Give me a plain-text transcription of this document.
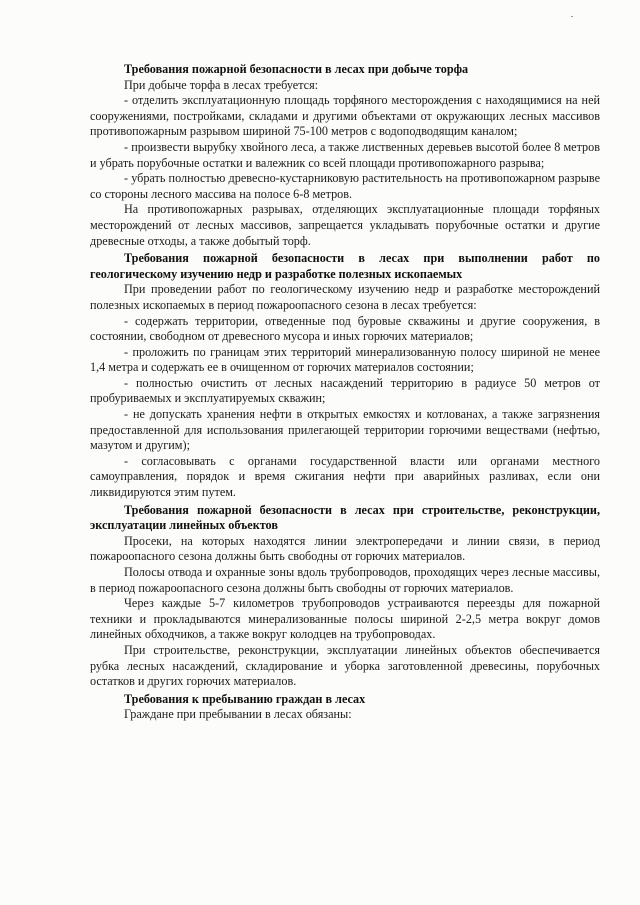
Требования пожарной безопасности в лесах при добыче торфа

При добыче торфа в лесах требуется:

- отделить эксплуатационную площадь торфяного месторождения с находящимися на ней сооружениями, постройками, складами и другими объектами от окружающих лесных массивов противопожарным разрывом шириной 75-100 метров с водоподводящим каналом;

- произвести вырубку хвойного леса, а также лиственных деревьев высотой более 8 метров и убрать порубочные остатки и валежник со всей площади противопожарного разрыва;

- убрать полностью древесно-кустарниковую растительность на противопожарном разрыве со стороны лесного массива на полосе 6-8 метров.

На противопожарных разрывах, отделяющих эксплуатационные площади торфяных месторождений от лесных массивов, запрещается укладывать порубочные остатки и другие древесные отходы, а также добытый торф.

Требования пожарной безопасности в лесах при выполнении работ по геологическому изучению недр и разработке полезных ископаемых

При проведении работ по геологическому изучению недр и разработке месторождений полезных ископаемых в период пожароопасного сезона в лесах требуется:

- содержать территории, отведенные под буровые скважины и другие сооружения, в состоянии, свободном от древесного мусора и иных горючих материалов;

- проложить по границам этих территорий минерализованную полосу шириной не менее 1,4 метра и содержать ее в очищенном от горючих материалов состоянии;

- полностью очистить от лесных насаждений территорию в радиусе 50 метров от пробуриваемых и эксплуатируемых скважин;

- не допускать хранения нефти в открытых емкостях и котлованах, а также загрязнения предоставленной для использования прилегающей территории горючими веществами (нефтью, мазутом и другим);

- согласовывать с органами государственной власти или органами местного самоуправления, порядок и время сжигания нефти при аварийных разливах, если они ликвидируются этим путем.

Требования пожарной безопасности в лесах при строительстве, реконструкции, эксплуатации линейных объектов

Просеки, на которых находятся линии электропередачи и линии связи, в период пожароопасного сезона должны быть свободны от горючих материалов.

Полосы отвода и охранные зоны вдоль трубопроводов, проходящих через лесные массивы, в период пожароопасного сезона должны быть свободны от горючих материалов.

Через каждые 5-7 километров трубопроводов устраиваются переезды для пожарной техники и прокладываются минерализованные полосы шириной 2-2,5 метра вокруг домов линейных обходчиков, а также вокруг колодцев на трубопроводах.

При строительстве, реконструкции, эксплуатации линейных объектов обеспечивается рубка лесных насаждений, складирование и уборка заготовленной древесины, порубочных остатков и других горючих материалов.

Требования к пребыванию граждан в лесах

Граждане при пребывании в лесах обязаны:
